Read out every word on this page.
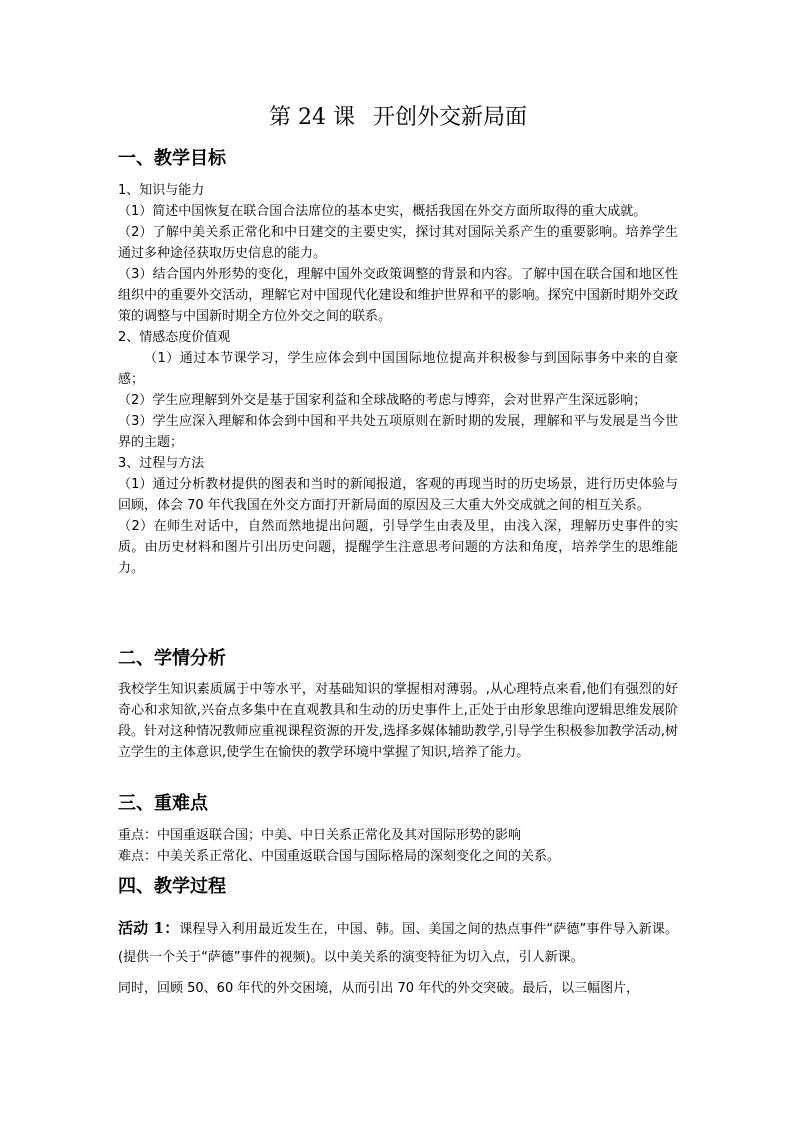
第 24 课 开创外交新局面
一、教学目标

1、知识与能力

（1）简述中国恢复在联合国合法席位的基本史实，概括我国在外交方面所取得的重大成就。

（2）了解中美关系正常化和中日建交的主要史实，探讨其对国际关系产生的重要影响。培养学生通过多种途径获取历史信息的能力。

（3）结合国内外形势的变化，理解中国外交政策调整的背景和内容。了解中国在联合国和地区性组织中的重要外交活动，理解它对中国现代化建设和维护世界和平的影响。探究中国新时期外交政策的调整与中国新时期全方位外交之间的联系。

2、情感态度价值观

（1）通过本节课学习，学生应体会到中国国际地位提高并积极参与到国际事务中来的自豪感；

（2）学生应理解到外交是基于国家利益和全球战略的考虑与博弈，会对世界产生深远影响；

（3）学生应深入理解和体会到中国和平共处五项原则在新时期的发展，理解和平与发展是当今世界的主题；

3、过程与方法

（1）通过分析教材提供的图表和当时的新闻报道，客观的再现当时的历史场景，进行历史体验与回顾，体会 70 年代我国在外交方面打开新局面的原因及三大重大外交成就之间的相互关系。

（2）在师生对话中，自然而然地提出问题，引导学生由表及里，由浅入深，理解历史事件的实质。由历史材料和图片引出历史问题，提醒学生注意思考问题的方法和角度，培养学生的思维能力。

二、学情分析

我校学生知识素质属于中等水平，对基础知识的掌握相对薄弱。,从心理特点来看,他们有强烈的好奇心和求知欲,兴奋点多集中在直观教具和生动的历史事件上,正处于由形象思维向逻辑思维发展阶段。针对这种情况教师应重视课程资源的开发,选择多媒体辅助教学,引导学生积极参加教学活动,树立学生的主体意识,使学生在愉快的教学环境中掌握了知识,培养了能力。

三、重难点

重点：中国重返联合国；中美、中日关系正常化及其对国际形势的影响

难点：中美关系正常化、中国重返联合国与国际格局的深刻变化之间的关系。

四、教学过程

活动 1：课程导入利用最近发生在，中国、韩。国、美国之间的热点事件“萨德”事件导入新课。(提供一个关于“萨德”事件的视频)。以中美关系的演变特征为切入点，引人新课。

同时，回顾 50、60 年代的外交困境，从而引出 70 年代的外交突破。最后，以三幅图片，
